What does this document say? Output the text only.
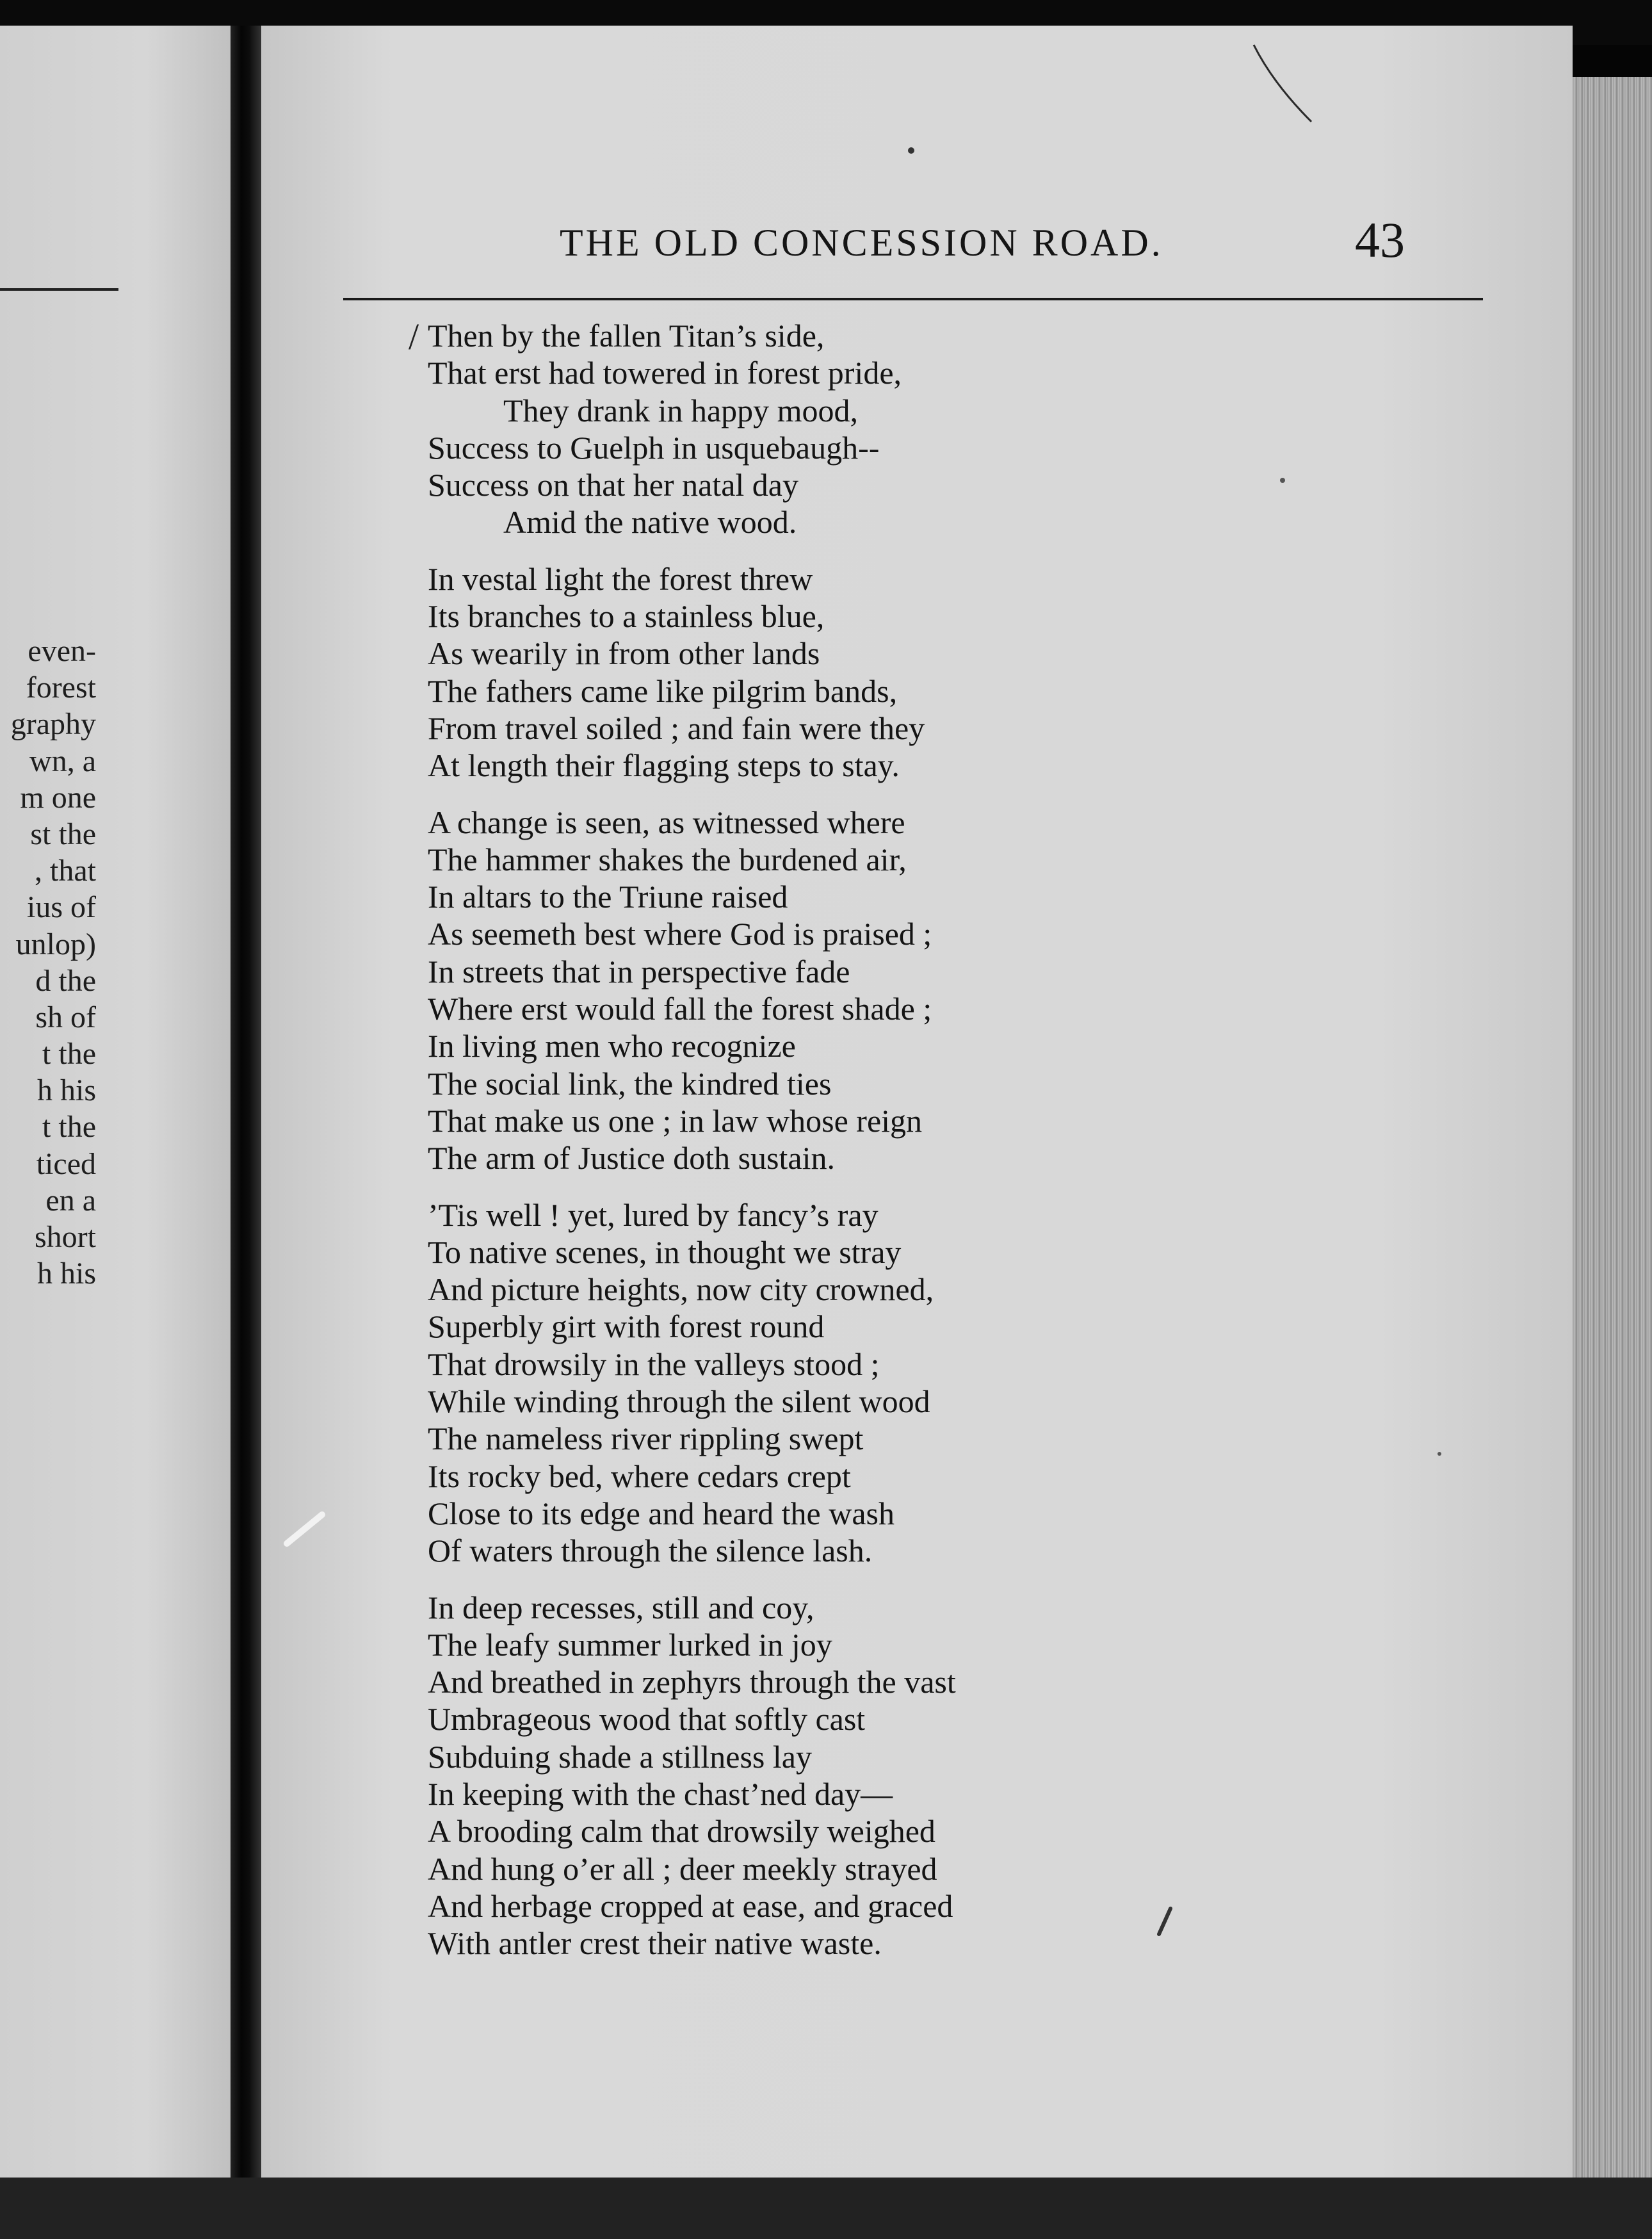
even-
forest
graphy
wn, a
m one
st the
, that
ius of
unlop)
d the
sh of
t the
h his
t the
ticed
en a
short
h his
THE OLD CONCESSION ROAD.	43
/ Then by the fallen Titan’s side,
That erst had towered in forest pride,
They drank in happy mood,
Success to Guelph in usquebaugh--
Success on that her natal day
Amid the native wood.
In vestal light the forest threw
Its branches to a stainless blue,
As wearily in from other lands
The fathers came like pilgrim bands,
From travel soiled ; and fain were they
At length their flagging steps to stay.
A change is seen, as witnessed where
The hammer shakes the burdened air,
In altars to the Triune raised
As seemeth best where God is praised ;
In streets that in perspective fade
Where erst would fall the forest shade ;
In living men who recognize
The social link, the kindred ties
That make us one ; in law whose reign
The arm of Justice doth sustain.
’Tis well ! yet, lured by fancy’s ray
To native scenes, in thought we stray
And picture heights, now city crowned,
Superbly girt with forest round
That drowsily in the valleys stood ;
While winding through the silent wood
The nameless river rippling swept
Its rocky bed, where cedars crept
Close to its edge and heard the wash
Of waters through the silence lash.
In deep recesses, still and coy,
The leafy summer lurked in joy
And breathed in zephyrs through the vast
Umbrageous wood that softly cast
Subduing shade a stillness lay
In keeping with the chast’ned day—
A brooding calm that drowsily weighed
And hung o’er all ; deer meekly strayed
And herbage cropped at ease, and graced
With antler crest their native waste.
